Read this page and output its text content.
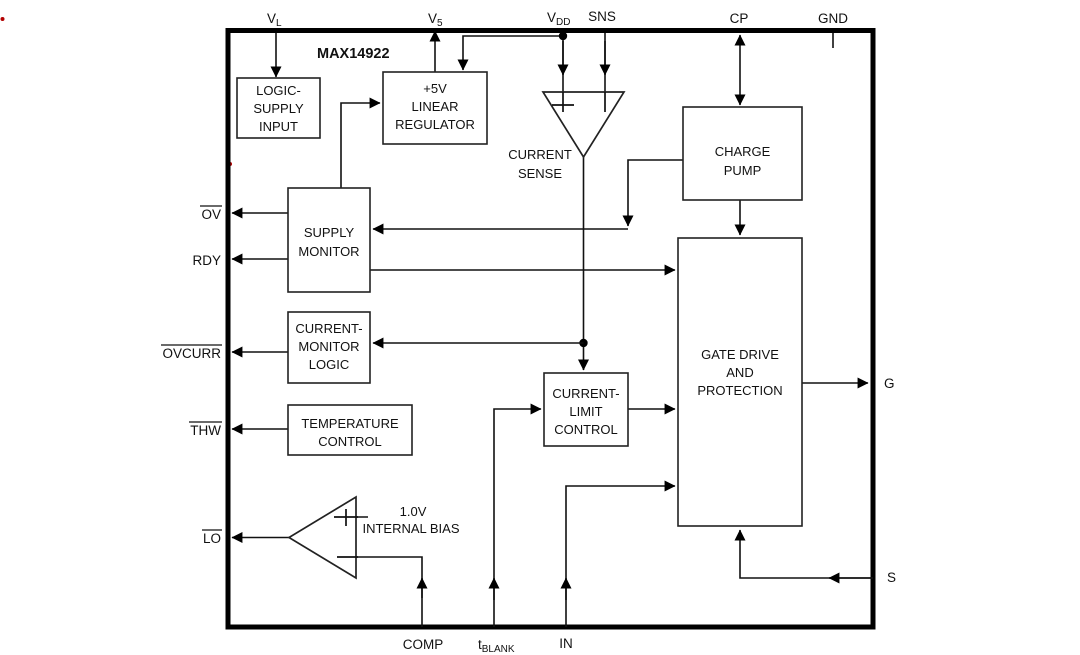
MAX14922
LOGIC-
SUPPLY
INPUT
+5V
LINEAR
REGULATOR
CHARGE
PUMP
SUPPLY
MONITOR
CURRENT-
MONITOR
LOGIC
TEMPERATURE
CONTROL
CURRENT-
LIMIT
CONTROL
GATE DRIVE
AND
PROTECTION
CURRENT
SENSE
1.0V
INTERNAL BIAS
$V_L$	$V_5$	$V_{DD}$ SNS	CP	GND
OV
RDY
OVCURR
THW
LO
G
S
COMP	$t_{BLANK}$	IN
